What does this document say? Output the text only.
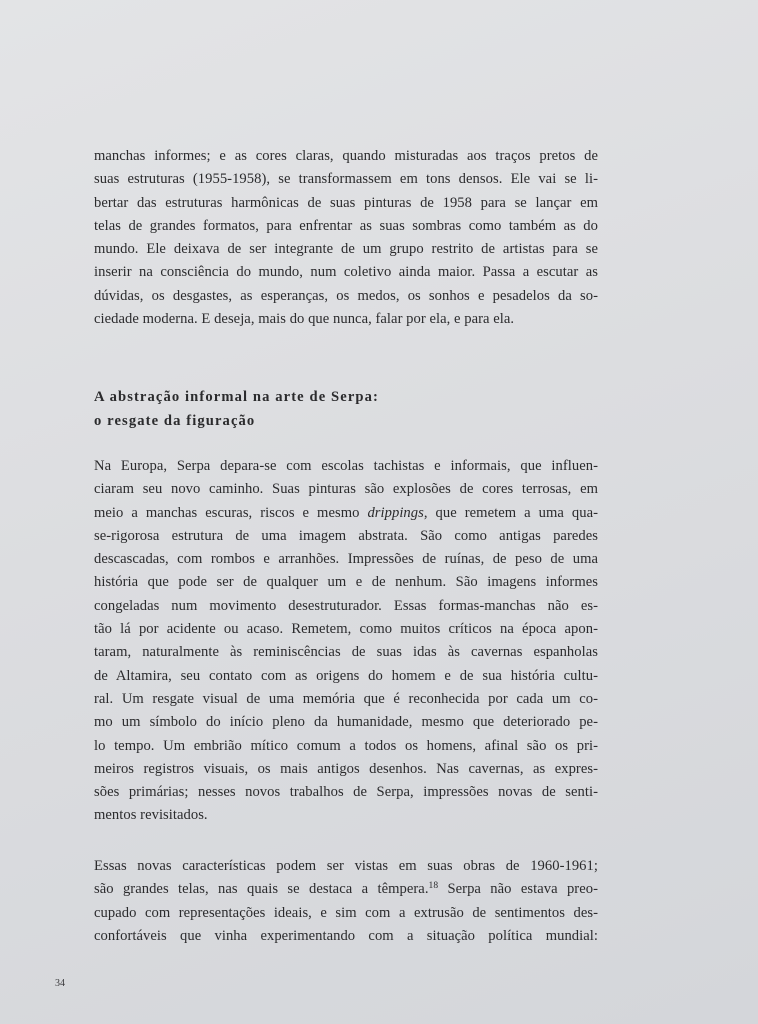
manchas informes; e as cores claras, quando misturadas aos traços pretos de
suas estruturas (1955-1958), se transformassem em tons densos. Ele vai se li-
bertar das estruturas harmônicas de suas pinturas de 1958 para se lançar em
telas de grandes formatos, para enfrentar as suas sombras como também as do
mundo. Ele deixava de ser integrante de um grupo restrito de artistas para se
inserir na consciência do mundo, num coletivo ainda maior. Passa a escutar as
dúvidas, os desgastes, as esperanças, os medos, os sonhos e pesadelos da so-
ciedade moderna. E deseja, mais do que nunca, falar por ela, e para ela.
A abstração informal na arte de Serpa:
o resgate da figuração
Na Europa, Serpa depara-se com escolas tachistas e informais, que influen-
ciaram seu novo caminho. Suas pinturas são explosões de cores terrosas, em
meio a manchas escuras, riscos e mesmo drippings, que remetem a uma qua-
se-rigorosa estrutura de uma imagem abstrata. São como antigas paredes
descascadas, com rombos e arranhões. Impressões de ruínas, de peso de uma
história que pode ser de qualquer um e de nenhum. São imagens informes
congeladas num movimento desestruturador. Essas formas-manchas não es-
tão lá por acidente ou acaso. Remetem, como muitos críticos na época apon-
taram, naturalmente às reminiscências de suas idas às cavernas espanholas
de Altamira, seu contato com as origens do homem e de sua história cultu-
ral. Um resgate visual de uma memória que é reconhecida por cada um co-
mo um símbolo do início pleno da humanidade, mesmo que deteriorado pe-
lo tempo. Um embrião mítico comum a todos os homens, afinal são os pri-
meiros registros visuais, os mais antigos desenhos. Nas cavernas, as expres-
sões primárias; nesses novos trabalhos de Serpa, impressões novas de senti-
mentos revisitados.
Essas novas características podem ser vistas em suas obras de 1960-1961;
são grandes telas, nas quais se destaca a têmpera.$^{18}$ Serpa não estava preo-
cupado com representações ideais, e sim com a extrusão de sentimentos des-
confortáveis que vinha experimentando com a situação política mundial:
34
